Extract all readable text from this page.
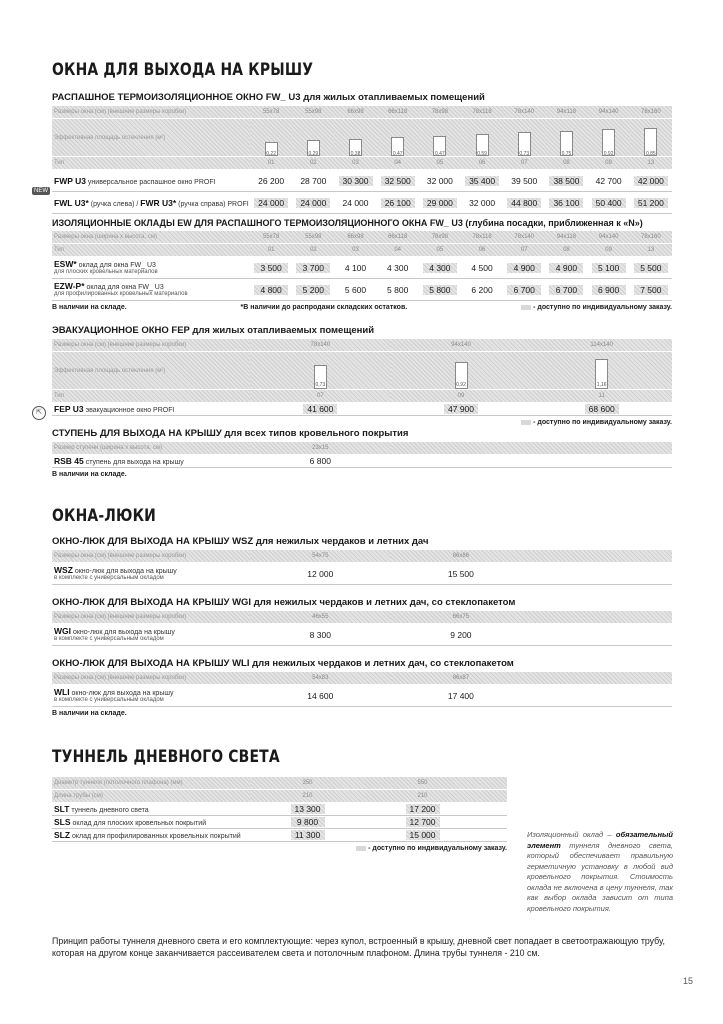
ОКНА ДЛЯ ВЫХОДА НА КРЫШУ
РАСПАШНОЕ ТЕРМОИЗОЛЯЦИОННОЕ ОКНО FW_ U3 для жилых отапливаемых помещений
NEW
Размеры окна (см) (внешние размеры коробки)	55x78	55x98	66x98	66x118	78x98	78x118	78x140	94x118	94x140	78x160
Эффективная площадь остекления (м²)	0,22	0,29	0,38	0,47	0,47	0,59	0,73	0,75	0,92	0,85
Тип	01	02	03	04	05	06	07	08	09	13
FWP U3 универсальное распашное окно PROFI	26 200	28 700	30 300	32 500	32 000	35 400	39 500	38 500	42 700	42 000
FWL U3* (ручка слева) / FWR U3* (ручка справа) PROFI	24 000	24 000	24 000	26 100	29 000	32 000	44 800	36 100	50 400	51 200
ИЗОЛЯЦИОННЫЕ ОКЛАДЫ EW ДЛЯ РАСПАШНОГО ТЕРМОИЗОЛЯЦИОННОГО ОКНА FW_ U3 (глубина посадки, приближенная к «N»)
Размеры окна (ширина х высота, см)	55x78	55x98	66x98	66x118	78x98	78x118	78x140	94x118	94x140	78x160
Тип	01	02	03	04	05	06	07	08	09	13
ESW* оклад для окна FW_ U3
для плоских кровельных материалов	3 500	3 700	4 100	4 300	4 300	4 500	4 900	4 900	5 100	5 500
EZW-P* оклад для окна FW_ U3
для профилированных кровельных материалов	4 800	5 200	5 600	5 800	5 800	6 200	6 700	6 700	6 900	7 500
В наличии на складе.	*В наличии до распродажи складских остатков.	- доступно по индивидуальному заказу.
ЭВАКУАЦИОННОЕ ОКНО FEP для жилых отапливаемых помещений
⇱
Размеры окна (см) (внешние размеры коробки)	78x140	94x140	114x140
Эффективная площадь остекления (м²)	0,73	0,92	1,16
Тип	07	09	11
FEP U3 эвакуационное окно PROFI	41 600	47 900	68 600
- доступно по индивидуальному заказу.
СТУПЕНЬ ДЛЯ ВЫХОДА НА КРЫШУ для всех типов кровельного покрытия
Размер ступени (ширина х высота, см)	23x15	
RSB 45 ступень для выхода на крышу	6 800	
В наличии на складе.
ОКНА-ЛЮКИ
ОКНО-ЛЮК ДЛЯ ВЫХОДА НА КРЫШУ WSZ для нежилых чердаков и летних дач
Размеры окна (см) (внешние размеры коробки)	54x75	86x86	
WSZ окно-люк для выхода на крышу
в комплекте с универсальным окладом	12 000	15 500	
ОКНО-ЛЮК ДЛЯ ВЫХОДА НА КРЫШУ WGI для нежилых чердаков и летних дач, со стеклопакетом
Размеры окна (см) (внешние размеры коробки)	46x55	66x75	
WGI окно-люк для выхода на крышу
в комплекте с универсальным окладом	8 300	9 200	
ОКНО-ЛЮК ДЛЯ ВЫХОДА НА КРЫШУ WLI для нежилых чердаков и летних дач, со стеклопакетом
Размеры окна (см) (внешние размеры коробки)	54x83	86x87	
WLI окно-люк для выхода на крышу
в комплекте с универсальным окладом	14 600	17 400	
В наличии на складе.
ТУННЕЛЬ ДНЕВНОГО СВЕТА
Диаметр туннеля (потолочного плафона) (мм)	350	550	
Длина трубы (см)	210	210	
SLT туннель дневного света	13 300	17 200	
SLS оклад для плоских кровельных покрытий	9 800	12 700	
SLZ оклад для профилированных кровельных покрытий	11 300	15 000	
- доступно по индивидуальному заказу.
Изоляционный оклад – обязательный элемент туннеля дневного света, который обеспечивает правильную герметичную установку в любой вид кровельного покрытия. Стоимость оклада не включена в цену туннеля, так как выбор оклада зависит от типа кровельного покрытия.
Принцип работы туннеля дневного света и его комплектующие: через купол, встроенный в крышу, дневной свет попадает в светоотражающую трубу, которая на другом конце заканчивается рассеивателем света и потолочным плафоном. Длина трубы туннеля - 210 см.
15
